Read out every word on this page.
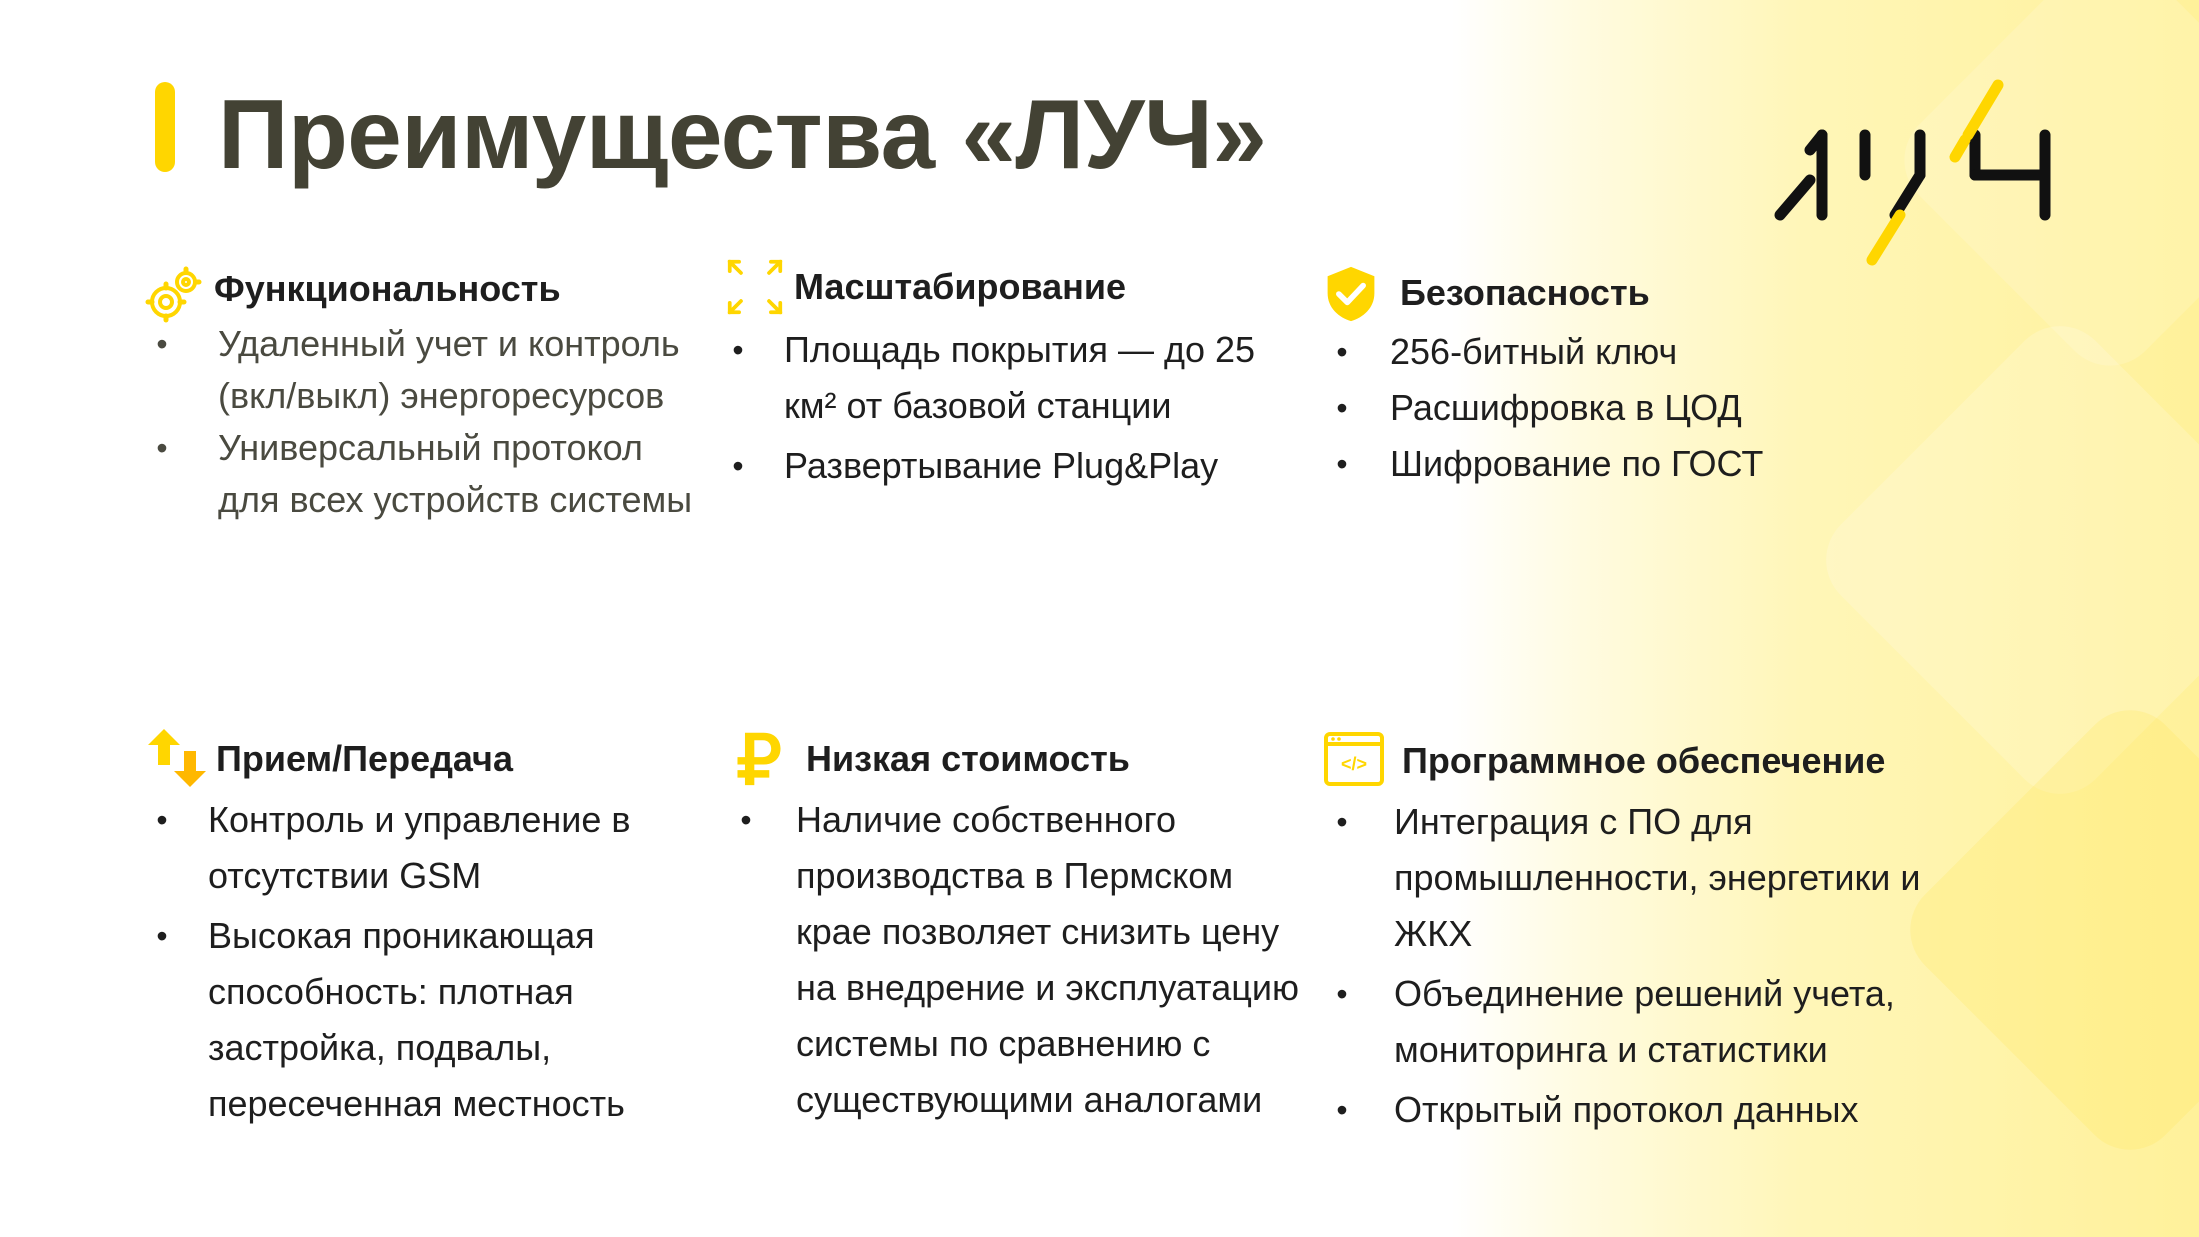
Преимущества «ЛУЧ»
Функциональность
•	Удаленный учет и контроль (вкл/выкл) энергоресурсов
•	Универсальный протокол для всех устройств системы
Масштабирование
•	Площадь покрытия — до 25 км² от базовой станции
•	Развертывание Plug&Play
Безопасность
•	256-битный ключ
•	Расшифровка в ЦОД
•	Шифрование по ГОСТ
Прием/Передача
•	Контроль и управление в отсутствии GSM
•	Высокая проникающая способность: плотная застройка, подвалы, пересеченная местность
Низкая стоимость
•	Наличие собственного производства в Пермском крае позволяет снизить цену на внедрение и эксплуатацию системы по сравнению с существующими аналогами
</> Программное обеспечение
•	Интеграция с ПО для промышленности, энергетики и ЖКХ
•	Объединение решений учета, мониторинга и статистики
•	Открытый протокол данных
